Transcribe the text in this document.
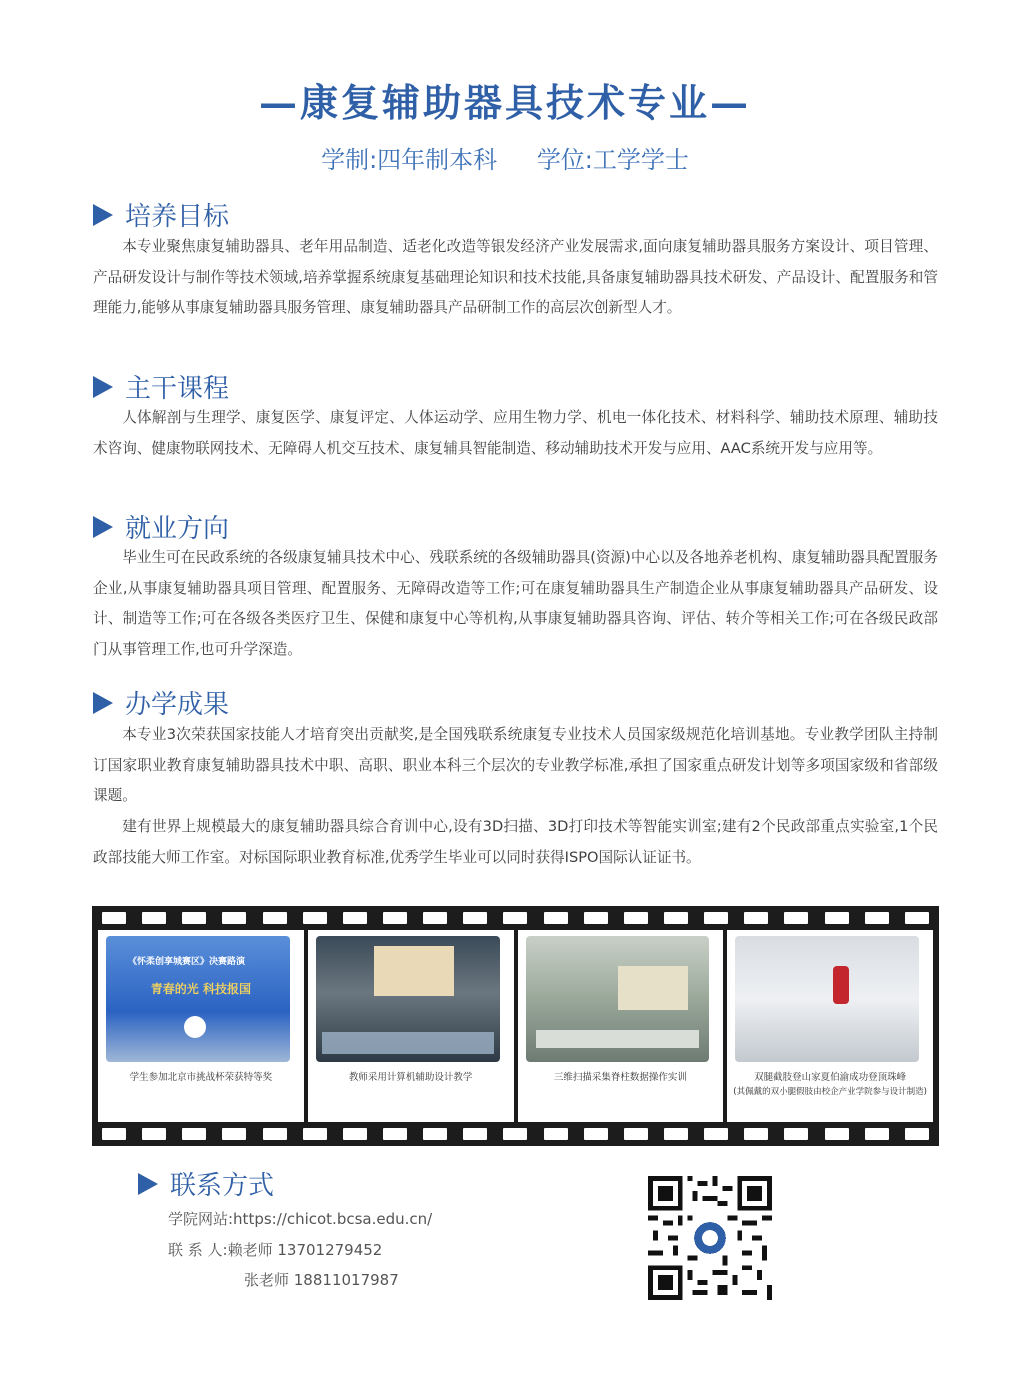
—康复辅助器具技术专业—
学制:四年制本科 学位:工学学士
培养目标

本专业聚焦康复辅助器具、老年用品制造、适老化改造等银发经济产业发展需求,面向康复辅助器具服务方案设计、项目管理、产品研发设计与制作等技术领域,培养掌握系统康复基础理论知识和技术技能,具备康复辅助器具技术研发、产品设计、配置服务和管理能力,能够从事康复辅助器具服务管理、康复辅助器具产品研制工作的高层次创新型人才。

主干课程

人体解剖与生理学、康复医学、康复评定、人体运动学、应用生物力学、机电一体化技术、材料科学、辅助技术原理、辅助技术咨询、健康物联网技术、无障碍人机交互技术、康复辅具智能制造、移动辅助技术开发与应用、AAC系统开发与应用等。

就业方向

毕业生可在民政系统的各级康复辅具技术中心、残联系统的各级辅助器具(资源)中心以及各地养老机构、康复辅助器具配置服务企业,从事康复辅助器具项目管理、配置服务、无障碍改造等工作;可在康复辅助器具生产制造企业从事康复辅助器具产品研发、设计、制造等工作;可在各级各类医疗卫生、保健和康复中心等机构,从事康复辅助器具咨询、评估、转介等相关工作;可在各级民政部门从事管理工作,也可升学深造。

办学成果

本专业3次荣获国家技能人才培育突出贡献奖,是全国残联系统康复专业技术人员国家级规范化培训基地。专业教学团队主持制订国家职业教育康复辅助器具技术中职、高职、职业本科三个层次的专业教学标准,承担了国家重点研发计划等多项国家级和省部级课题。

建有世界上规模最大的康复辅助器具综合育训中心,设有3D扫描、3D打印技术等智能实训室;建有2个民政部重点实验室,1个民政部技能大师工作室。对标国际职业教育标准,优秀学生毕业可以同时获得ISPO国际认证证书。

《怀柔创享城赛区》决赛路演
青春的光 科技报国
学生参加北京市挑战杯荣获特等奖	教师采用计算机辅助设计教学	三维扫描采集脊柱数据操作实训	双腿截肢登山家夏伯渝成功登顶珠峰
(其佩戴的双小腿假肢由校企产业学院参与设计制造)
联系方式
学院网站:https://chicot.bcsa.edu.cn/
联 系 人:赖老师 13701279452
张老师 18811017987
